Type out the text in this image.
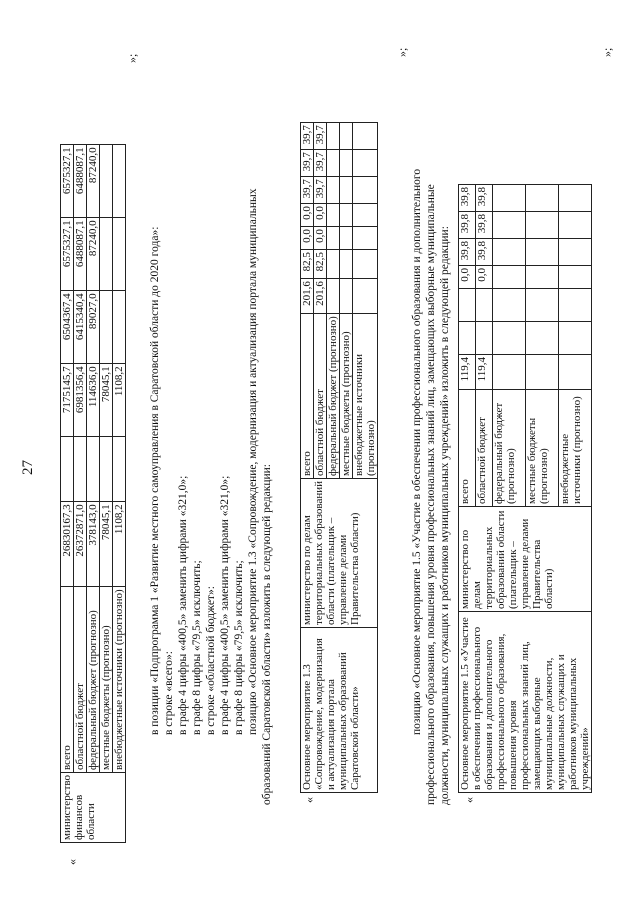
27
«
министерство финансов области	всего	26830167,3		7175145,7	6504367,4	6575327,1	6575327,1
	областной бюджет	26372871,0		6981356,4	6415340,4	6488087,1	6488087,1
	федеральный бюджет (прогнозно)	378143,0		114636,0	89027,0	87240,0	87240,0
	местные бюджеты (прогнозно)	78045,1		78045,1			
	внебюджетные источники (прогнозно)	1108,2		1108,2			
»;
в позиции «Подпрограмма 1 «Развитие местного самоуправления в Саратовской области до 2020 года»: в строке «всего»: в графе 4 цифры «400,5» заменить цифрами «321,0»; в графе 8 цифры «79,5» исключить; в строке «областной бюджет»: в графе 4 цифры «400,5» заменить цифрами «321,0»; в графе 8 цифры «79,5» исключить; позицию «Основное мероприятие 1.3 «Сопровождение, модернизация и актуализация портала муниципальных образований Саратовской области» изложить в следующей редакции: «
Основное мероприятие 1.3 «Сопровождение, модернизация и актуализация портала муниципальных образований Саратовской области»	министерство по делам территориальных образований области (плательщик – управление делами Правительства области)	всего	201,6	82,5	0,0	0,0	39,7	39,7	39,7
		областной бюджет	201,6	82,5	0,0	0,0	39,7	39,7	39,7
		федеральный бюджет (прогнозно)							
		местные бюджеты (прогнозно)							
		внебюджетные источники (прогнозно)							
»;
позицию «Основное мероприятие 1.5 «Участие в обеспечении профессионального образования и дополнительного профессионального образования, повышения уровня профессиональных знаний лиц, замещающих выборные муниципальные должности, муниципальных служащих и работников муниципальных учреждений» изложить в следующей редакции: «
Основное мероприятие 1.5 «Участие в обеспечении профессионального образования и дополнительного профессионального образования, повышения уровня профессиональных знаний лиц, замещающих выборные муниципальные должности, муниципальных служащих и работников муниципальных учреждений»	министерство по делам территориальных образований области (плательщик – управление делами Правительства области)	всего	119,4			0,0	39,8	39,8	39,8
		областной бюджет	119,4			0,0	39,8	39,8	39,8
		федеральный бюджет (прогнозно)							
		местные бюджеты (прогнозно)							
		внебюджетные источники (прогнозно)							
»;
